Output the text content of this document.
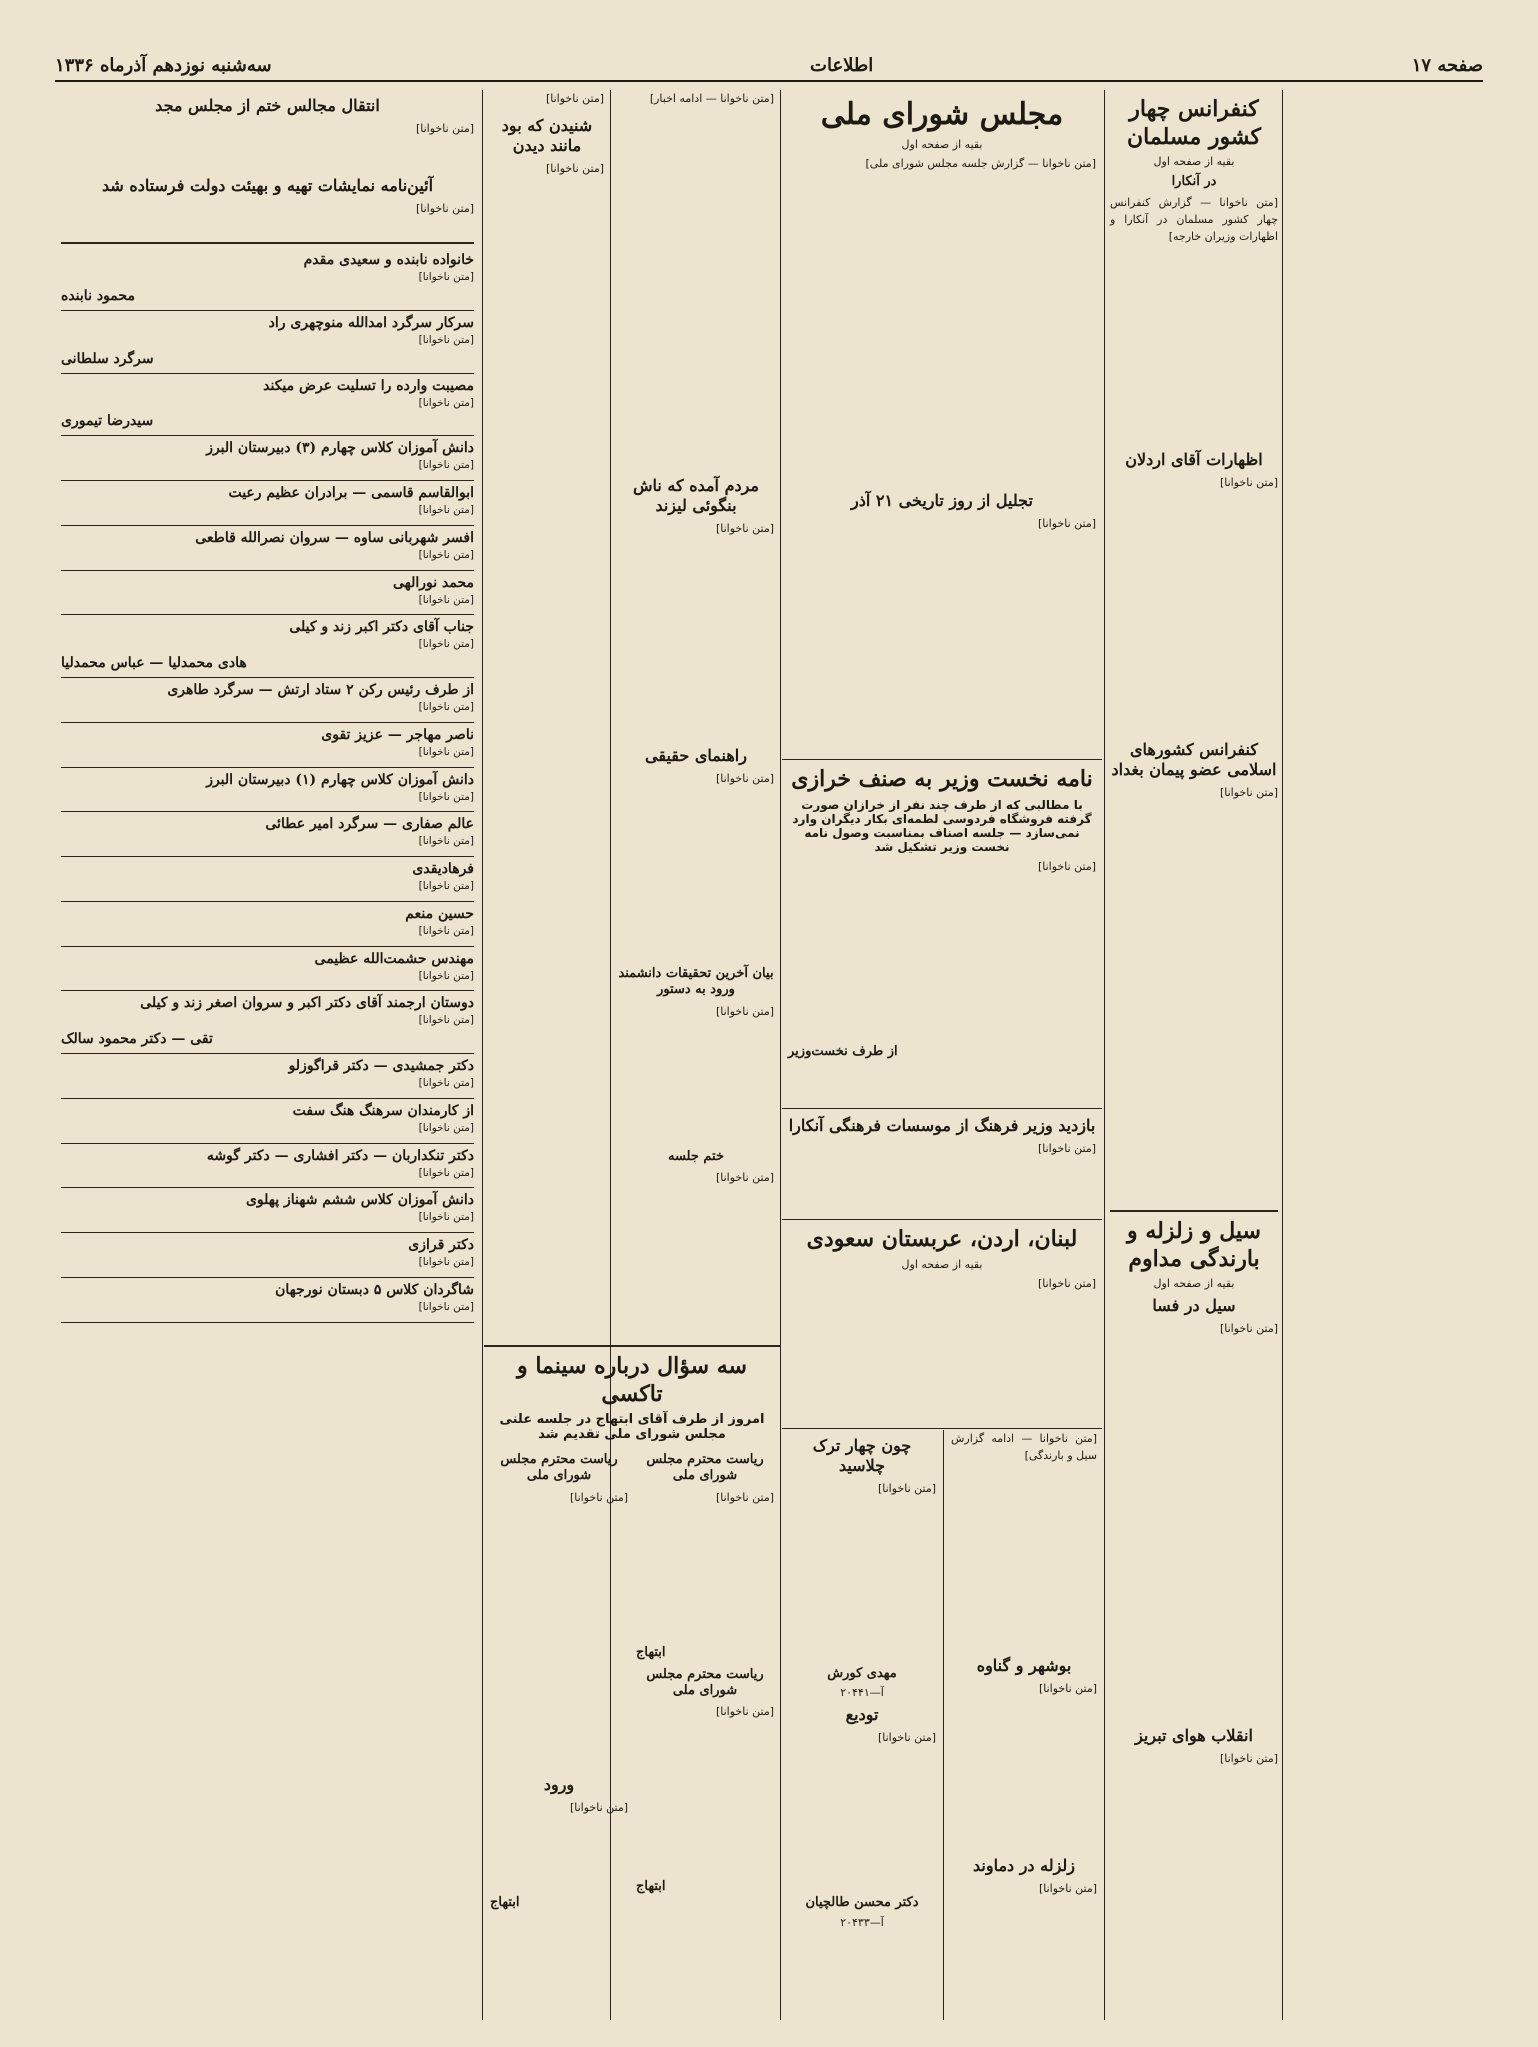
صفحه ۱۷
اطلاعات
سه‌شنبه نوزدهم آذرماه ۱۳۳۶
کنفرانس چهار کشور مسلمان
بقیه از صفحه اول
در آنکارا

[متن ناخوانا — گزارش کنفرانس چهار کشور مسلمان در آنکارا و اظهارات وزیران خارجه]

اظهارات آقای اردلان

[متن ناخوانا]

کنفرانس کشورهای اسلامی عضو پیمان بغداد

[متن ناخوانا]

سیل و زلزله و بارندگی مداوم
بقیه از صفحه اول
سیل در فسا

[متن ناخوانا]

انقلاب هوای تبریز

[متن ناخوانا]

مجلس شورای ملی
بقیه از صفحه اول

[متن ناخوانا — گزارش جلسه مجلس شورای ملی]

تجلیل از روز تاریخی ۲۱ آذر

[متن ناخوانا]

نامه نخست وزیر به صنف خرازی
با مطالبی که از طرف چند نفر از خرازان صورت گرفته فروشگاه فردوسی لطمه‌ای بکار دیگران وارد نمی‌سازد — جلسه اصناف بمناسبت وصول نامه نخست وزیر تشکیل شد

[متن ناخوانا]

از طرف نخست‌وزیر
بازدید وزیر فرهنگ از موسسات فرهنگی آنکارا

[متن ناخوانا]

لبنان، اردن، عربستان سعودی
بقیه از صفحه اول

[متن ناخوانا]

[متن ناخوانا — ادامه گزارش سیل و بارندگی]

بوشهر و گناوه

[متن ناخوانا]

زلزله در دماوند

[متن ناخوانا]

چون چهار ترک چلاسید

[متن ناخوانا]

مهدی کورش
آ—۲۰۴۴۱
تودیع

[متن ناخوانا]

دکتر محسن طالچیان
آ—۲۰۴۳۳

[متن ناخوانا — ادامه اخبار]

مردم آمده که ناش بنگوئی لیزند

[متن ناخوانا]

راهنمای حقیقی

[متن ناخوانا]

بیان آخرین تحقیقات دانشمند ورود به دستور

[متن ناخوانا]

ختم جلسه

[متن ناخوانا]

[متن ناخوانا]

شنیدن که بود مانند دیدن

[متن ناخوانا]

سه سؤال درباره سینما و تاکسی
امروز از طرف آقای ابتهاج در جلسه علنی مجلس شورای ملی تقدیم شد
ریاست محترم مجلس شورای ملی

[متن ناخوانا]

ابتهاج
ریاست محترم مجلس شورای ملی

[متن ناخوانا]

ابتهاج
ریاست محترم مجلس شورای ملی

[متن ناخوانا]

ورود

[متن ناخوانا]

ابتهاج
انتقال مجالس ختم از مجلس مجد

[متن ناخوانا]

آئین‌نامه نمایشات تهیه و بهیئت دولت فرستاده شد

[متن ناخوانا]

خانواده نابنده و سعیدی مقدم

[متن ناخوانا]

محمود نابنده

سرکار سرگرد امدالله منوچهری راد

[متن ناخوانا]

سرگرد سلطانی

مصیبت وارده را تسلیت عرض میکند

[متن ناخوانا]

سیدرضا تیموری

دانش آموزان کلاس چهارم (۳) دبیرستان البرز

[متن ناخوانا]

ابوالقاسم قاسمی — برادران عظیم رعیت

[متن ناخوانا]

افسر شهربانی ساوه — سروان نصرالله قاطعی

[متن ناخوانا]

محمد نورالهی

[متن ناخوانا]

جناب آقای دکتر اکبر زند و کیلی

[متن ناخوانا]

هادی محمدلیا — عباس محمدلیا

از طرف رئیس رکن ۲ ستاد ارتش — سرگرد طاهری

[متن ناخوانا]

ناصر مهاجر — عزیز تقوی

[متن ناخوانا]

دانش آموزان کلاس چهارم (۱) دبیرستان البرز

[متن ناخوانا]

عالم صفاری — سرگرد امیر عطائی

[متن ناخوانا]

فرهادیقدی

[متن ناخوانا]

حسین منعم

[متن ناخوانا]

مهندس حشمت‌الله عظیمی

[متن ناخوانا]

دوستان ارجمند آقای دکتر اکبر و سروان اصغر زند و کیلی

[متن ناخوانا]

تقی — دکتر محمود سالک

دکتر جمشیدی — دکتر قراگوزلو

[متن ناخوانا]

از کارمندان سرهنگ هنگ سفت

[متن ناخوانا]

دکتر تنکداربان — دکتر افشاری — دکتر گوشه

[متن ناخوانا]

دانش آموزان کلاس ششم شهناز پهلوی

[متن ناخوانا]

دکتر قرازی

[متن ناخوانا]

شاگردان کلاس ۵ دبستان نورجهان

[متن ناخوانا]
